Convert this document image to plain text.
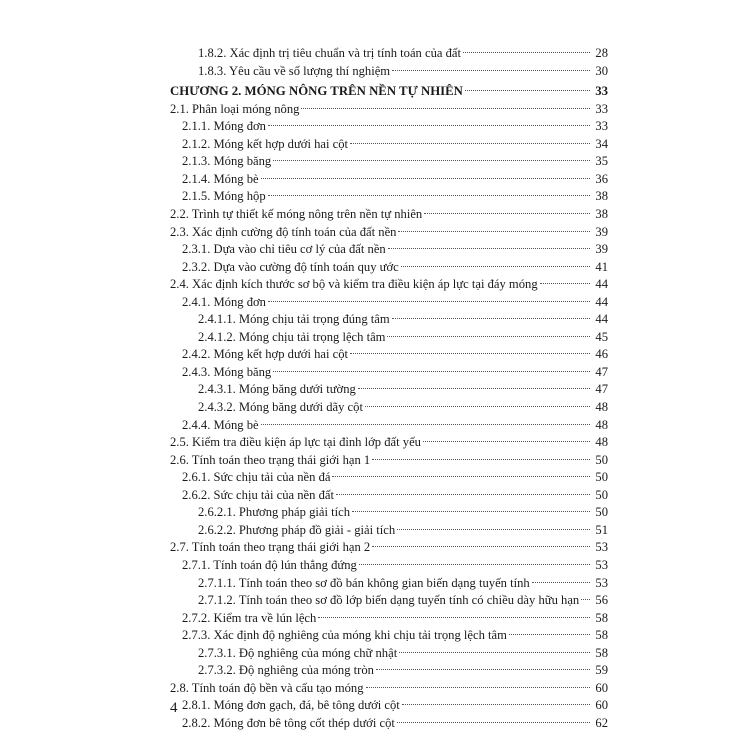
1.8.2. Xác định trị tiêu chuẩn và trị tính toán của đất	28
1.8.3. Yêu cầu về số lượng thí nghiệm	30
CHƯƠNG 2. MÓNG NÔNG TRÊN NỀN TỰ NHIÊN	33
2.1. Phân loại móng nông	33
2.1.1. Móng đơn	33
2.1.2. Móng kết hợp dưới hai cột	34
2.1.3. Móng băng	35
2.1.4. Móng bè	36
2.1.5. Móng hộp	38
2.2. Trình tự thiết kế móng nông trên nền tự nhiên	38
2.3. Xác định cường độ tính toán của đất nền	39
2.3.1. Dựa vào chỉ tiêu cơ lý của đất nền	39
2.3.2. Dựa vào cường độ tính toán quy ước	41
2.4. Xác định kích thước sơ bộ và kiểm tra điều kiện áp lực tại đáy móng	44
2.4.1. Móng đơn	44
2.4.1.1. Móng chịu tải trọng đúng tâm	44
2.4.1.2. Móng chịu tải trọng lệch tâm	45
2.4.2. Móng kết hợp dưới hai cột	46
2.4.3. Móng băng	47
2.4.3.1. Móng băng dưới tường	47
2.4.3.2. Móng băng dưới dãy cột	48
2.4.4. Móng bè	48
2.5. Kiểm tra điều kiện áp lực tại đỉnh lớp đất yếu	48
2.6. Tính toán theo trạng thái giới hạn 1	50
2.6.1. Sức chịu tải của nền đá	50
2.6.2. Sức chịu tải của nền đất	50
2.6.2.1. Phương pháp giải tích	50
2.6.2.2. Phương pháp đồ giải - giải tích	51
2.7. Tính toán theo trạng thái giới hạn 2	53
2.7.1. Tính toán độ lún thẳng đứng	53
2.7.1.1. Tính toán theo sơ đồ bán không gian biến dạng tuyến tính	53
2.7.1.2. Tính toán theo sơ đồ lớp biến dạng tuyến tính có chiều dày hữu hạn 56
2.7.2. Kiểm tra về lún lệch	58
2.7.3. Xác định độ nghiêng của móng khi chịu tải trọng lệch tâm	58
2.7.3.1. Độ nghiêng của móng chữ nhật	58
2.7.3.2. Độ nghiêng của móng tròn	59
2.8. Tính toán độ bền và cấu tạo móng	60
2.8.1. Móng đơn gạch, đá, bê tông dưới cột	60
2.8.2. Móng đơn bê tông cốt thép dưới cột	62
4
